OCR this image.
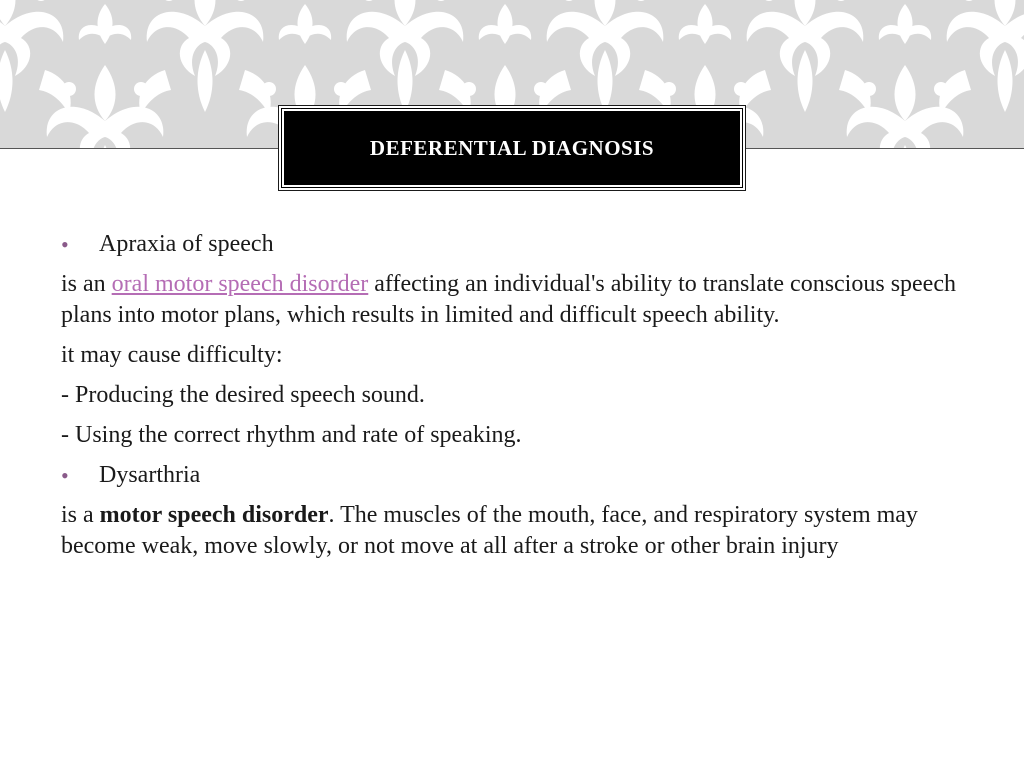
DEFERENTIAL DIAGNOSIS

• Apraxia of speech

is an oral motor speech disorder affecting an individual's ability to translate conscious speech plans into motor plans, which results in limited and difficult speech ability.

it may cause difficulty:

- Producing the desired speech sound.

- Using the correct rhythm and rate of speaking.

• Dysarthria

is a motor speech disorder. The muscles of the mouth, face, and respiratory system may become weak, move slowly, or not move at all after a stroke or other brain injury
